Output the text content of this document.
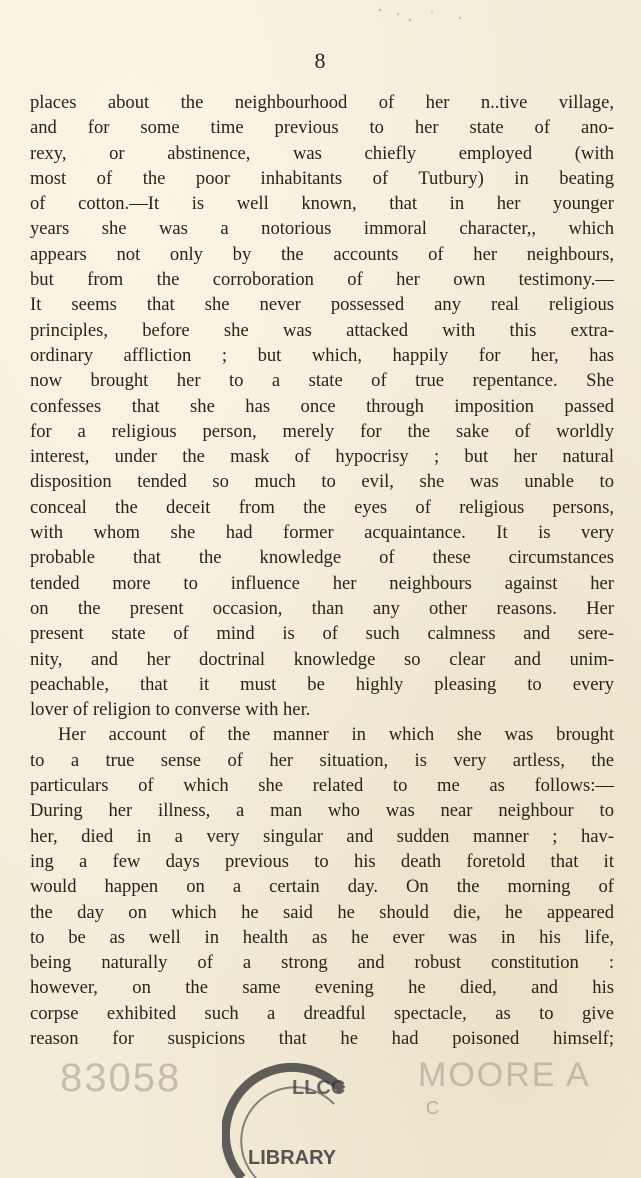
8
places about the neighbourhood of her n..tive village,
and for some time previous to her state of ano-
rexy, or abstinence, was chiefly employed (with
most of the poor inhabitants of Tutbury) in beating
of cotton.—It is well known, that in her younger
years she was a notorious immoral character,, which
appears not only by the accounts of her neighbours,
but from the corroboration of her own testimony.—
It seems that she never possessed any real religious
principles, before she was attacked with this extra-
ordinary affliction ; but which, happily for her, has
now brought her to a state of true repentance. She
confesses that she has once through imposition passed
for a religious person, merely for the sake of worldly
interest, under the mask of hypocrisy ; but her natural
disposition tended so much to evil, she was unable to
conceal the deceit from the eyes of religious persons,
with whom she had former acquaintance. It is very
probable that the knowledge of these circumstances
tended more to influence her neighbours against her
on the present occasion, than any other reasons. Her
present state of mind is of such calmness and sere-
nity, and her doctrinal knowledge so clear and unim-
peachable, that it must be highly pleasing to every
lover of religion to converse with her.
Her account of the manner in which she was brought
to a true sense of her situation, is very artless, the
particulars of which she related to me as follows:—
During her illness, a man who was near neighbour to
her, died in a very singular and sudden manner ; hav-
ing a few days previous to his death foretold that it
would happen on a certain day. On the morning of
the day on which he said he should die, he appeared
to be as well in health as he ever was in his life,
being naturally of a strong and robust constitution :
however, on the same evening he died, and his
corpse exhibited such a dreadful spectacle, as to give
reason for suspicions that he had poisoned himself;
83058	LLCC
LIBRARY
MOORE A
C
